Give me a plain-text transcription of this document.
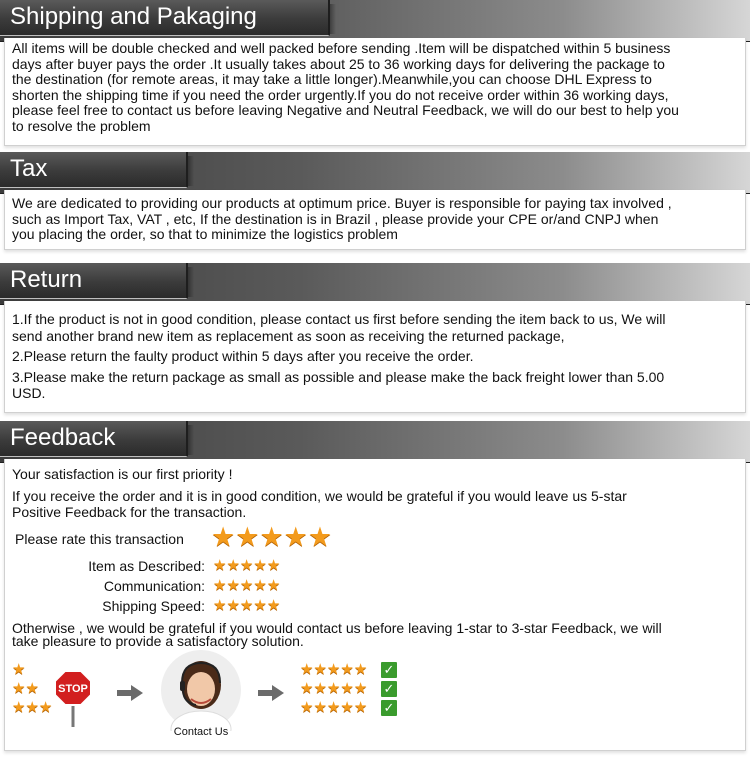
Shipping and Pakaging

All items will be double checked and well packed before sending .Item will be dispatched within 5 business

days after buyer pays the order .It usually takes about 25 to 36 working days for delivering the package to

the destination (for remote areas, it may take a little longer).Meanwhile,you can choose DHL Express to

shorten the shipping time if you need the order urgently.If you do not receive order within 36 working days,

please feel free to contact us before leaving Negative and Neutral Feedback, we will do our best to help you

to resolve the problem

Tax

We are dedicated to providing our products at optimum price. Buyer is responsible for paying tax involved ,

such as Import Tax, VAT , etc, If the destination is in Brazil , please provide your CPE or/and CNPJ when

you placing the order, so that to minimize the logistics problem

Return

1.If the product is not in good condition, please contact us first before sending the item back to us, We will
send another brand new item as replacement as soon as receiving the returned package,

2.Please return the faulty product within 5 days after you receive the order.

3.Please make the return package as small as possible and please make the back freight lower than 5.00
USD.

Feedback
Your satisfaction is our first priority !
If you receive the order and it is in good condition, we would be grateful if you would leave us 5-star
Positive Feedback for the transaction.
Please rate this transaction ★ ★ ★ ★ ★
Item as Described:
Communication:
Shipping Speed:
★ ★ ★ ★ ★
★ ★ ★ ★ ★
★ ★ ★ ★ ★
Otherwise , we would be grateful if you would contact us before leaving 1-star to 3-star Feedback, we will
take pleasure to provide a satisfactory solution.
★
★ ★
★ ★ ★
STOP
Contact Us
★ ★ ★ ★ ★
★ ★ ★ ★ ★
★ ★ ★ ★ ★
✓
✓
✓
